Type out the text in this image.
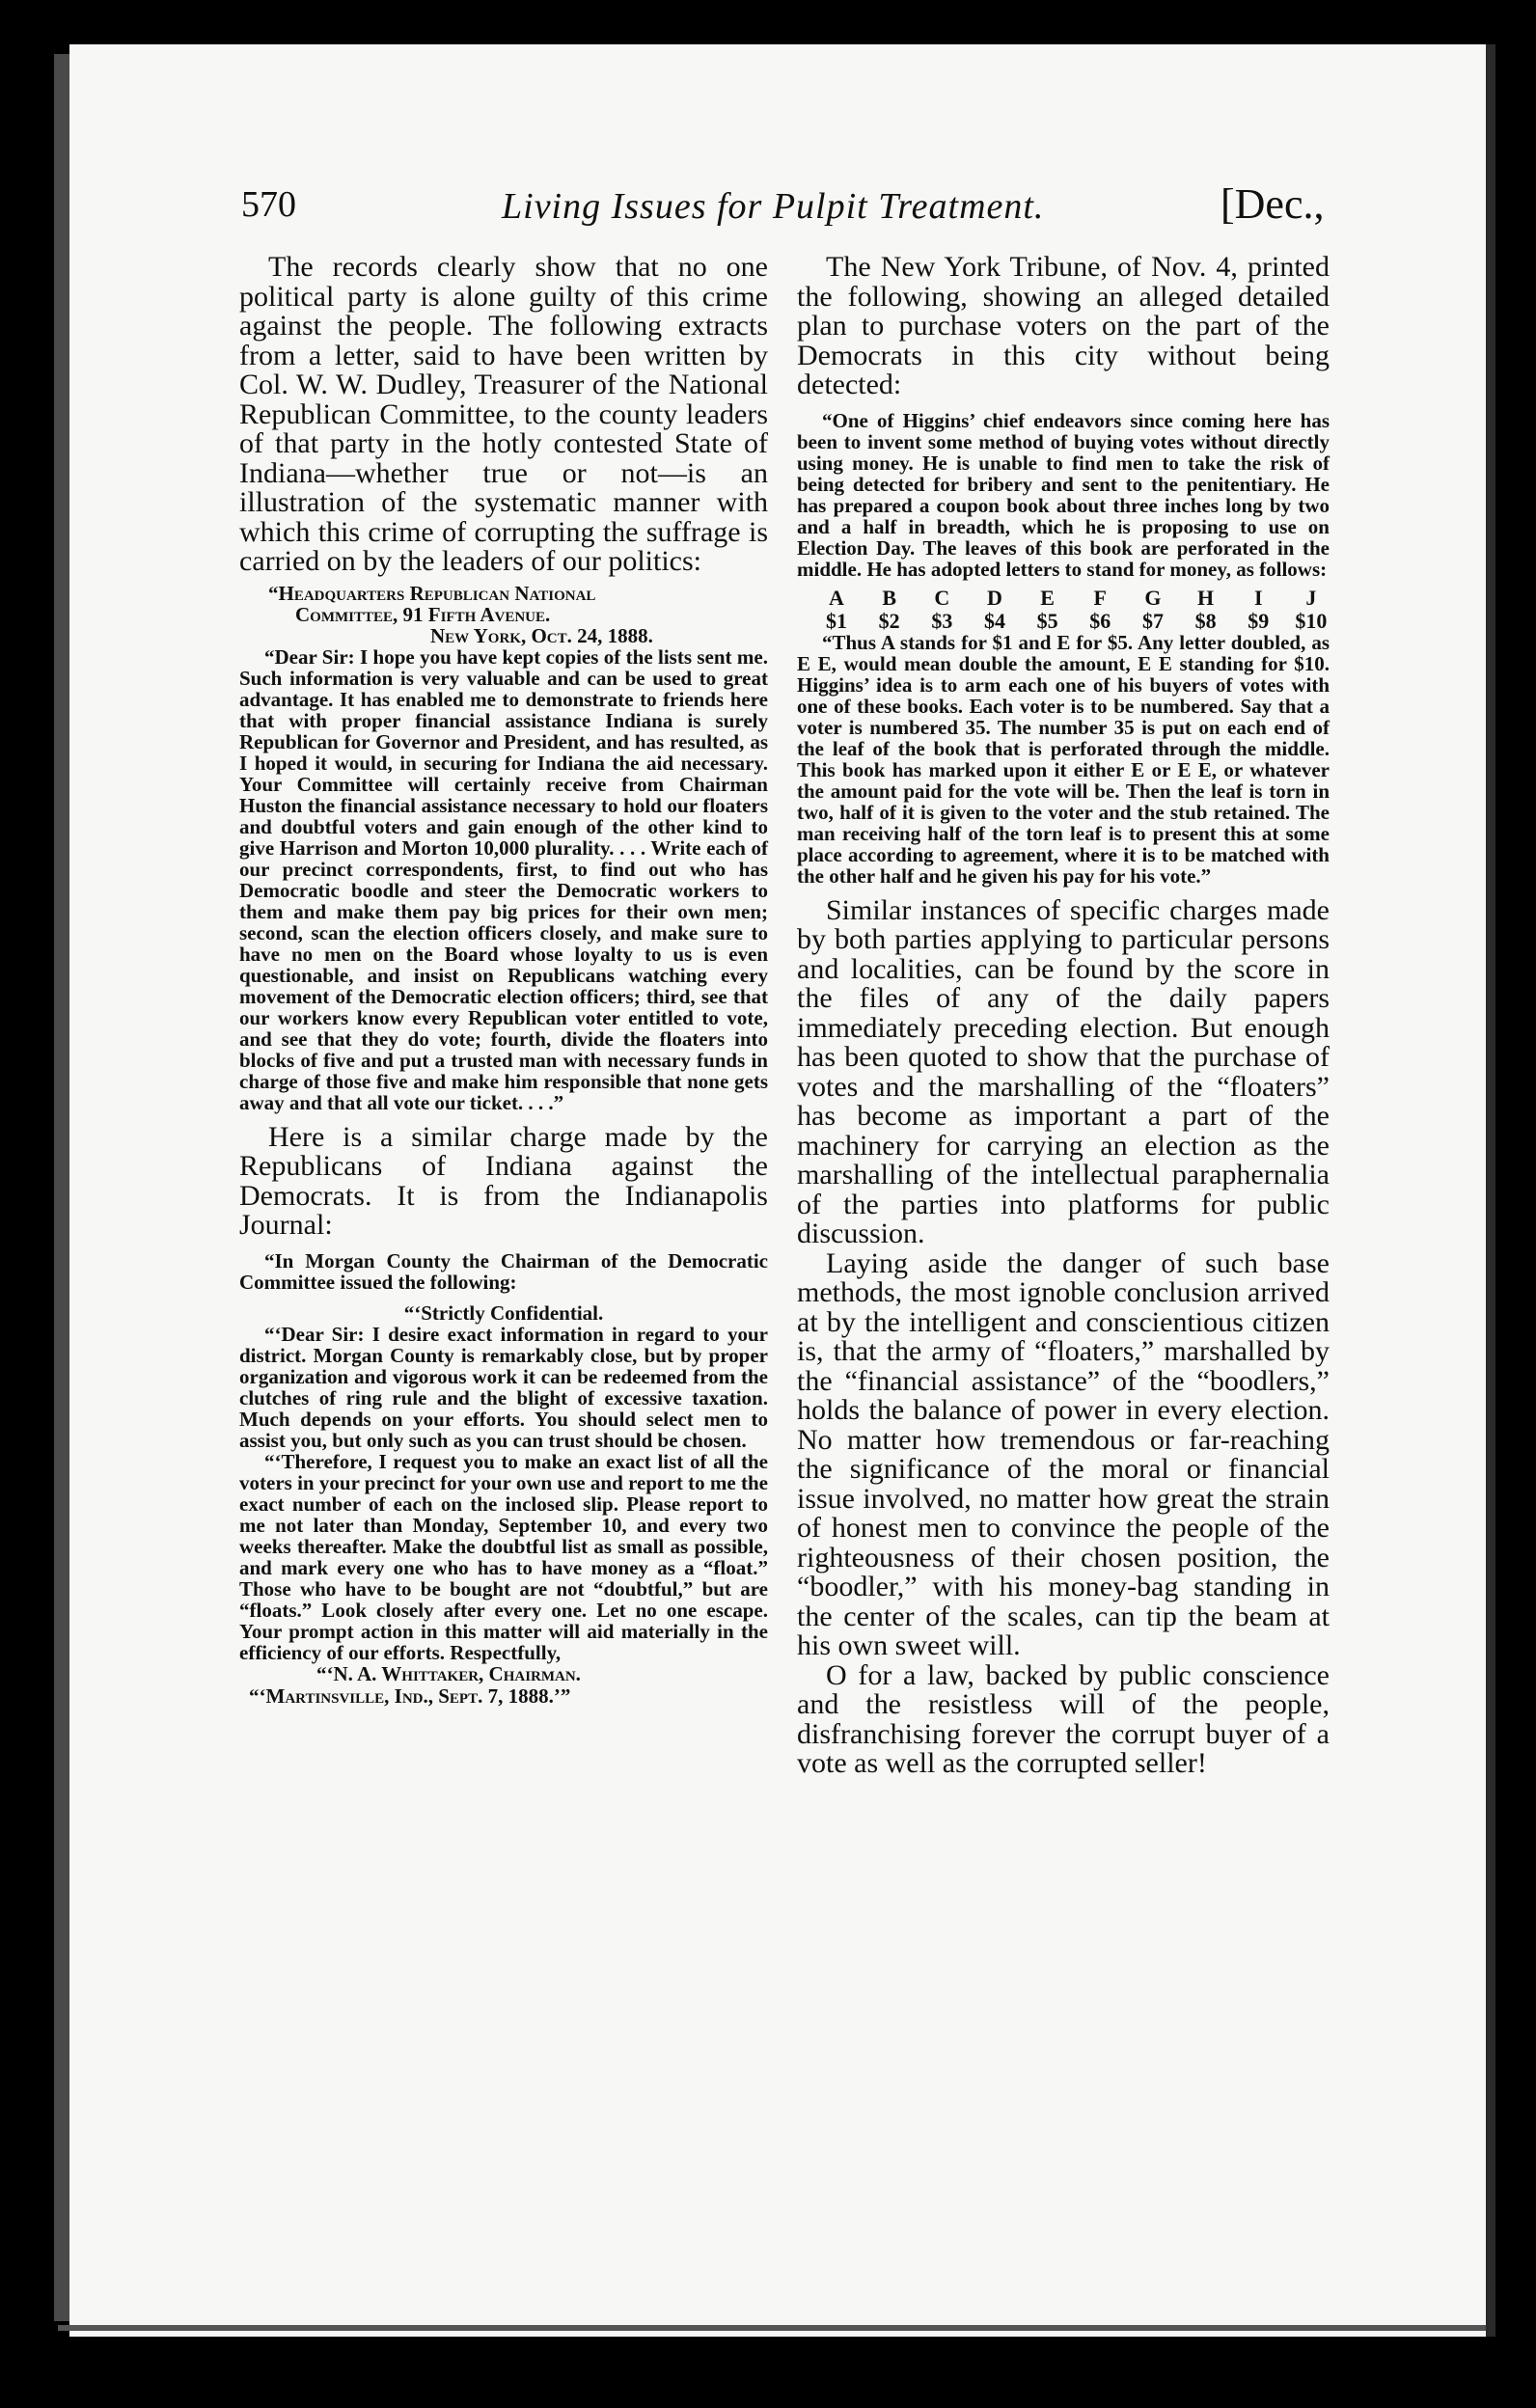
570	Living Issues for Pulpit Treatment.	[Dec.,

The records clearly show that no one political party is alone guilty of this crime against the people. The following extracts from a letter, said to have been written by Col. W. W. Dudley, Treasurer of the National Republican Committee, to the county leaders of that party in the hotly contested State of Indiana—whether true or not—is an illustration of the systematic manner with which this crime of corrupting the suffrage is carried on by the leaders of our politics:

“Headquarters Republican National
Committee, 91 Fifth Avenue.
New York, Oct. 24, 1888.

“Dear Sir: I hope you have kept copies of the lists sent me. Such information is very valuable and can be used to great advantage. It has enabled me to demonstrate to friends here that with proper financial assistance Indiana is surely Republican for Governor and President, and has resulted, as I hoped it would, in securing for Indiana the aid necessary. Your Committee will certainly receive from Chairman Huston the financial assistance necessary to hold our floaters and doubtful voters and gain enough of the other kind to give Harrison and Morton 10,000 plurality. . . . Write each of our precinct correspondents, first, to find out who has Democratic boodle and steer the Democratic workers to them and make them pay big prices for their own men; second, scan the election officers closely, and make sure to have no men on the Board whose loyalty to us is even questionable, and insist on Republicans watching every movement of the Democratic election officers; third, see that our workers know every Republican voter entitled to vote, and see that they do vote; fourth, divide the floaters into blocks of five and put a trusted man with necessary funds in charge of those five and make him responsible that none gets away and that all vote our ticket. . . .”

Here is a similar charge made by the Republicans of Indiana against the Democrats. It is from the Indianapolis Journal:

“In Morgan County the Chairman of the Democratic Committee issued the following:

“‘Strictly Confidential.

“‘Dear Sir: I desire exact information in regard to your district. Morgan County is remarkably close, but by proper organization and vigorous work it can be redeemed from the clutches of ring rule and the blight of excessive taxation. Much depends on your efforts. You should select men to assist you, but only such as you can trust should be chosen.

“‘Therefore, I request you to make an exact list of all the voters in your precinct for your own use and report to me the exact number of each on the inclosed slip. Please report to me not later than Monday, September 10, and every two weeks thereafter. Make the doubtful list as small as possible, and mark every one who has to have money as a “float.” Those who have to be bought are not “doubtful,” but are “floats.” Look closely after every one. Let no one escape. Your prompt action in this matter will aid materially in the efficiency of our efforts. Respectfully,

“‘N. A. Whittaker, Chairman.
“‘Martinsville, Ind., Sept. 7, 1888.’”

The New York Tribune, of Nov. 4, printed the following, showing an alleged detailed plan to purchase voters on the part of the Democrats in this city without being detected:

“One of Higgins’ chief endeavors since coming here has been to invent some method of buying votes without directly using money. He is unable to find men to take the risk of being detected for bribery and sent to the penitentiary. He has prepared a coupon book about three inches long by two and a half in breadth, which he is proposing to use on Election Day. The leaves of this book are perforated in the middle. He has adopted letters to stand for money, as follows:

A	B	C	D	E	F	G	H	I	J
$1	$2	$3	$4	$5	$6	$7	$8	$9	$10

“Thus A stands for $1 and E for $5. Any letter doubled, as E E, would mean double the amount, E E standing for $10. Higgins’ idea is to arm each one of his buyers of votes with one of these books. Each voter is to be numbered. Say that a voter is numbered 35. The number 35 is put on each end of the leaf of the book that is perforated through the middle. This book has marked upon it either E or E E, or whatever the amount paid for the vote will be. Then the leaf is torn in two, half of it is given to the voter and the stub retained. The man receiving half of the torn leaf is to present this at some place according to agreement, where it is to be matched with the other half and he given his pay for his vote.”

Similar instances of specific charges made by both parties applying to particular persons and localities, can be found by the score in the files of any of the daily papers immediately preceding election. But enough has been quoted to show that the purchase of votes and the marshalling of the “floaters” has become as important a part of the machinery for carrying an election as the marshalling of the intellectual paraphernalia of the parties into platforms for public discussion.

Laying aside the danger of such base methods, the most ignoble conclusion arrived at by the intelligent and conscientious citizen is, that the army of “floaters,” marshalled by the “financial assistance” of the “boodlers,” holds the balance of power in every election. No matter how tremendous or far-reaching the significance of the moral or financial issue involved, no matter how great the strain of honest men to convince the people of the righteousness of their chosen position, the “boodler,” with his money-bag standing in the center of the scales, can tip the beam at his own sweet will.

O for a law, backed by public conscience and the resistless will of the people, disfranchising forever the corrupt buyer of a vote as well as the corrupted seller!
